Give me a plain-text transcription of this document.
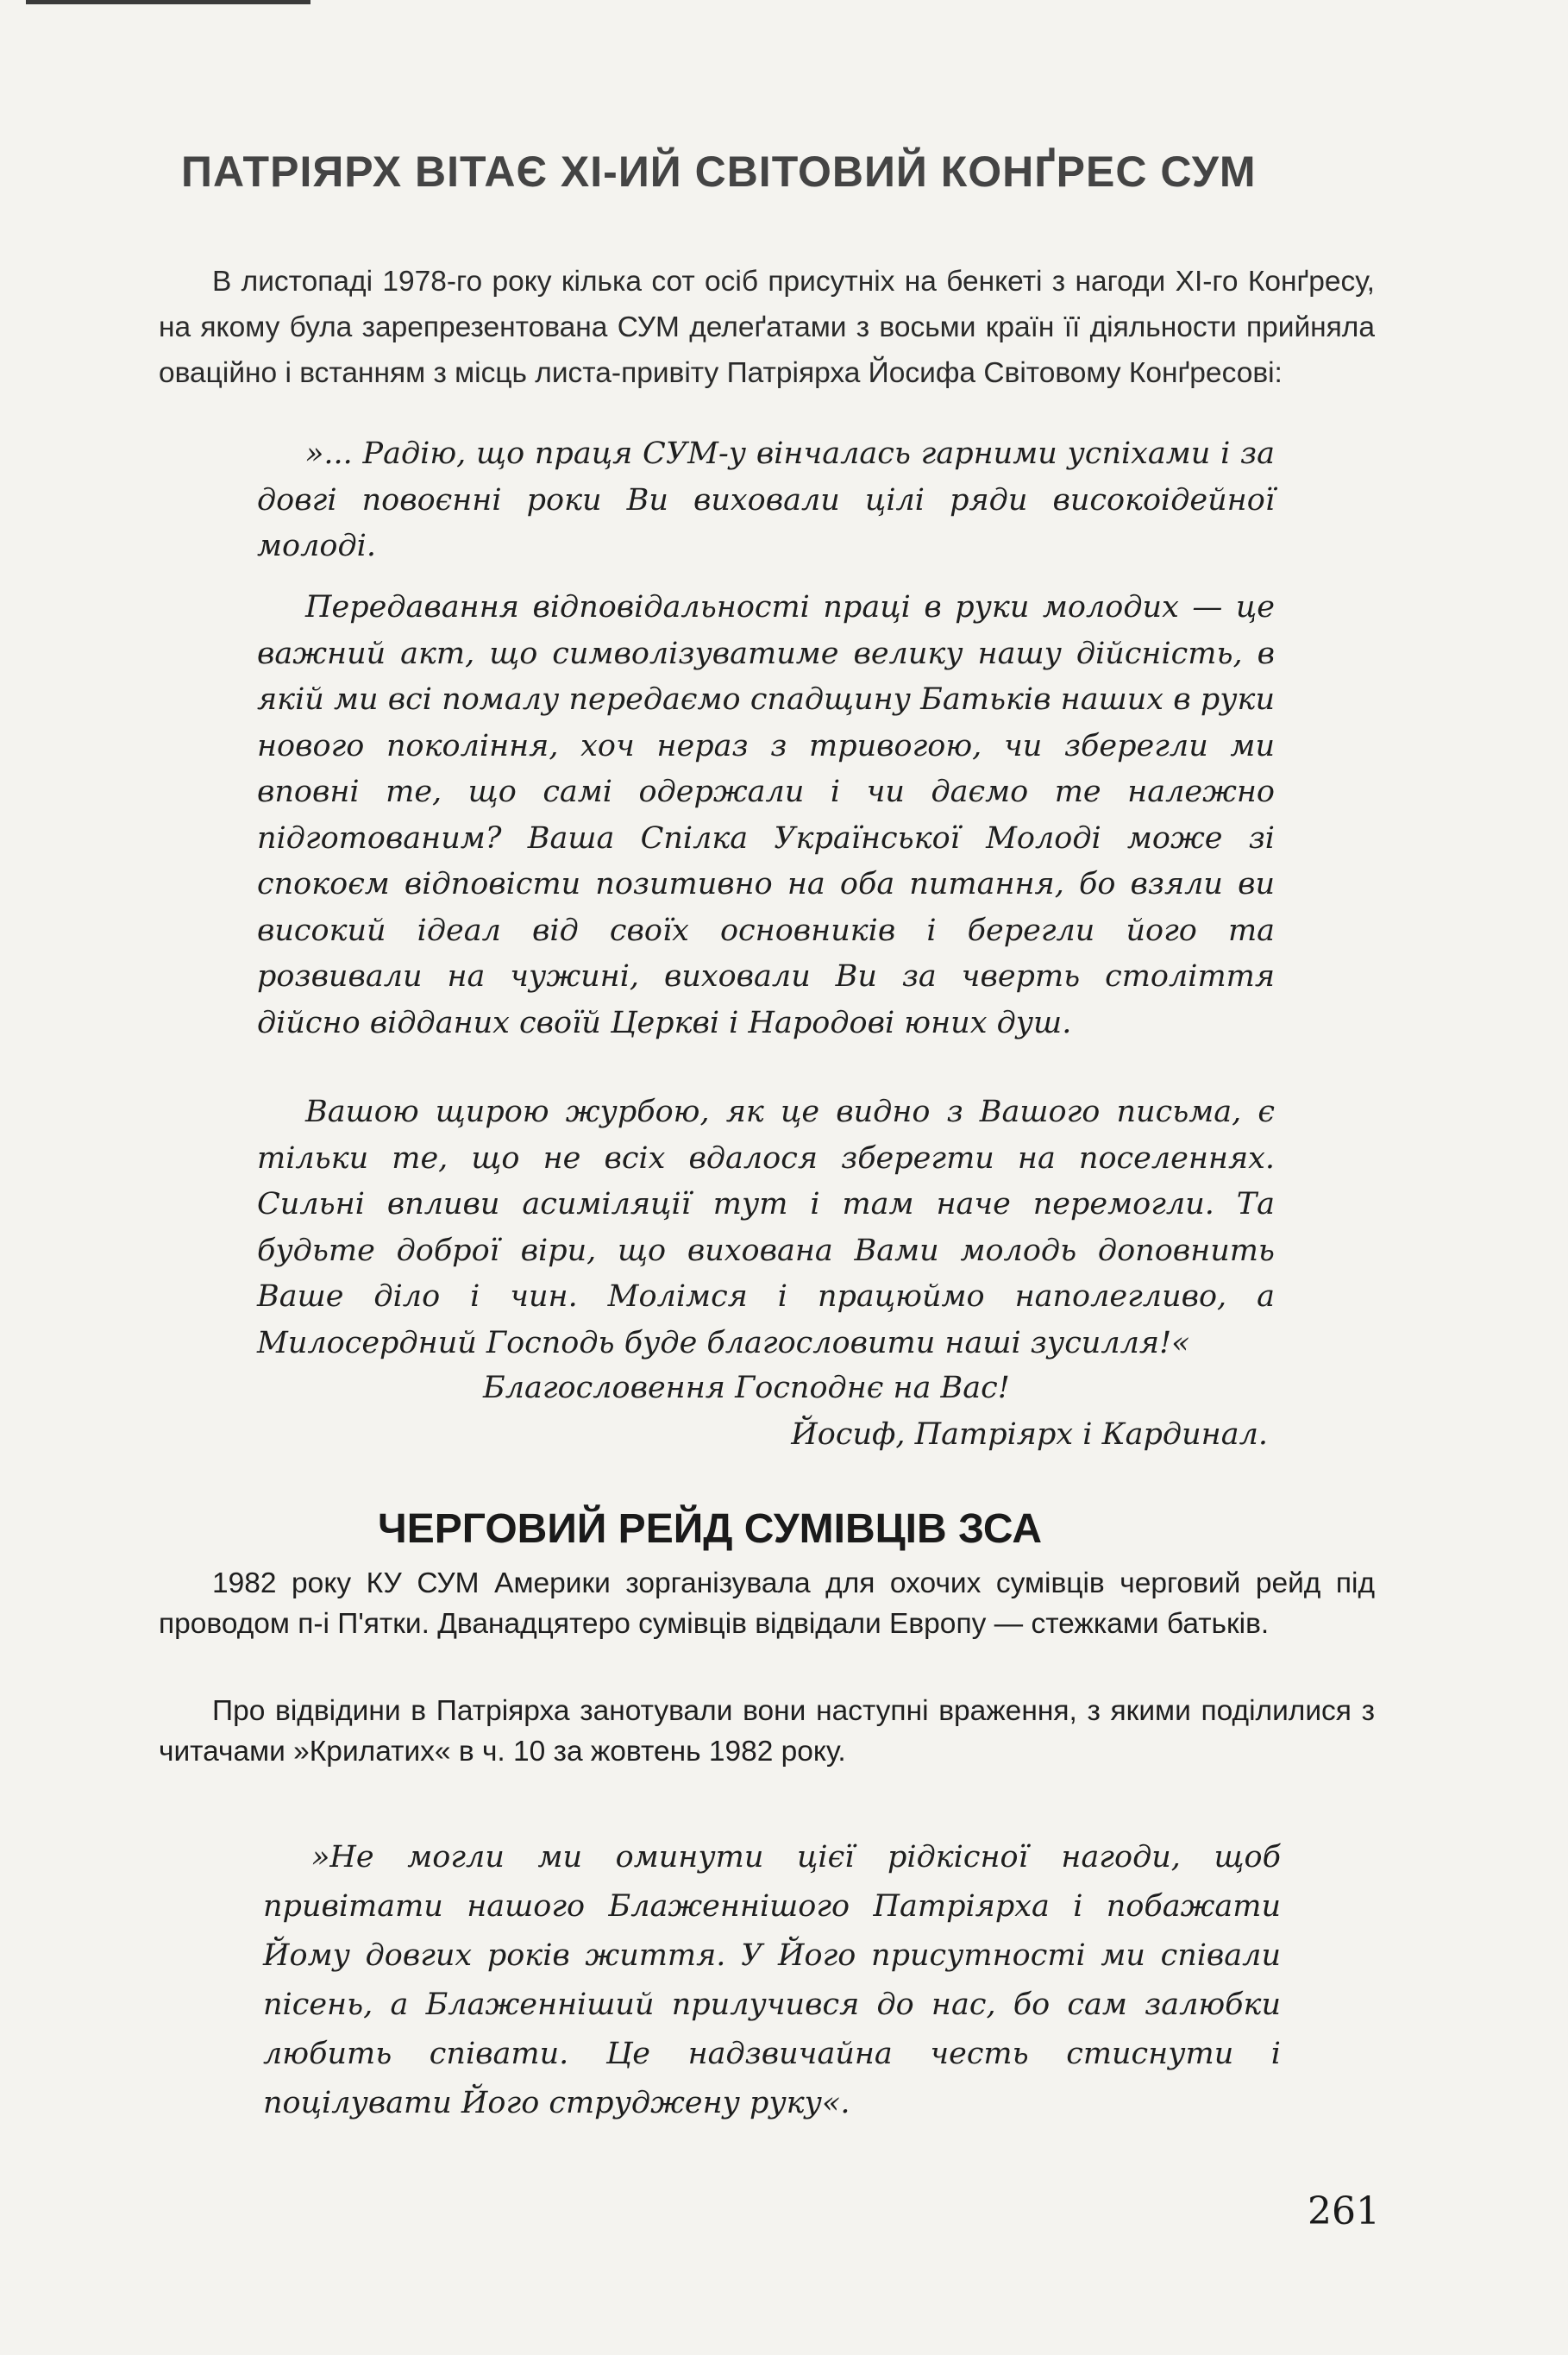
ПАТРІЯРХ ВІТАЄ ХІ-ИЙ СВІТОВИЙ КОНҐРЕС СУМ

В листопаді 1978-го року кілька сот осіб присутніх на бенкеті з нагоди XI-го Конґресу, на якому була зарепрезентована СУМ делеґатами з восьми країн її діяльности прийняла оваційно і встанням з місць листа-привіту Патріярха Йосифа Світовому Конґресові:

»... Радію, що праця СУМ-у вінчалась гарними успіхами і за довгі повоєнні роки Ви виховали цілі ряди високоідейної молоді.

Передавання відповідальності праці в руки молодих — це важний акт, що символізуватиме велику нашу дійсність, в якій ми всі помалу передаємо спадщину Батьків наших в руки нового покоління, хоч нераз з тривогою, чи зберегли ми вповні те, що самі одержали і чи даємо те належно підготованим? Ваша Спілка Української Молоді може зі спокоєм відповісти позитивно на оба питання, бо взяли ви високий ідеал від своїх основників і берегли його та розвивали на чужині, виховали Ви за чверть століття дійсно відданих своїй Церкві і Народові юних душ.

Вашою щирою журбою, як це видно з Вашого письма, є тільки те, що не всіх вдалося зберегти на поселеннях. Сильні впливи асиміляції тут і там наче перемогли. Та будьте доброї віри, що вихована Вами молодь доповнить Ваше діло і чин. Молімся і працюймо наполегливо, а Милосердний Господь буде благословити наші зусилля!«

Благословення Господнє на Вас!

Йосиф, Патріярх і Кардинал.

ЧЕРГОВИЙ РЕЙД СУМІВЦІВ ЗСА

1982 року КУ СУМ Америки зорганізувала для охочих сумівців черговий рейд під проводом п-і П'ятки. Дванадцятеро сумівців відвідали Европу — стежками батьків.

Про відвідини в Патріярха занотували вони наступні враження, з якими поділилися з читачами »Крилатих« в ч. 10 за жовтень 1982 року.

»Не могли ми оминути цієї рідкісної нагоди, щоб привітати нашого Блаженнішого Патріярха і побажати Йому довгих років життя. У Його присутності ми співали пісень, а Блаженніший прилучився до нас, бо сам залюбки любить співати. Це надзвичайна честь стиснути і поцілувати Його струджену руку«.

261
